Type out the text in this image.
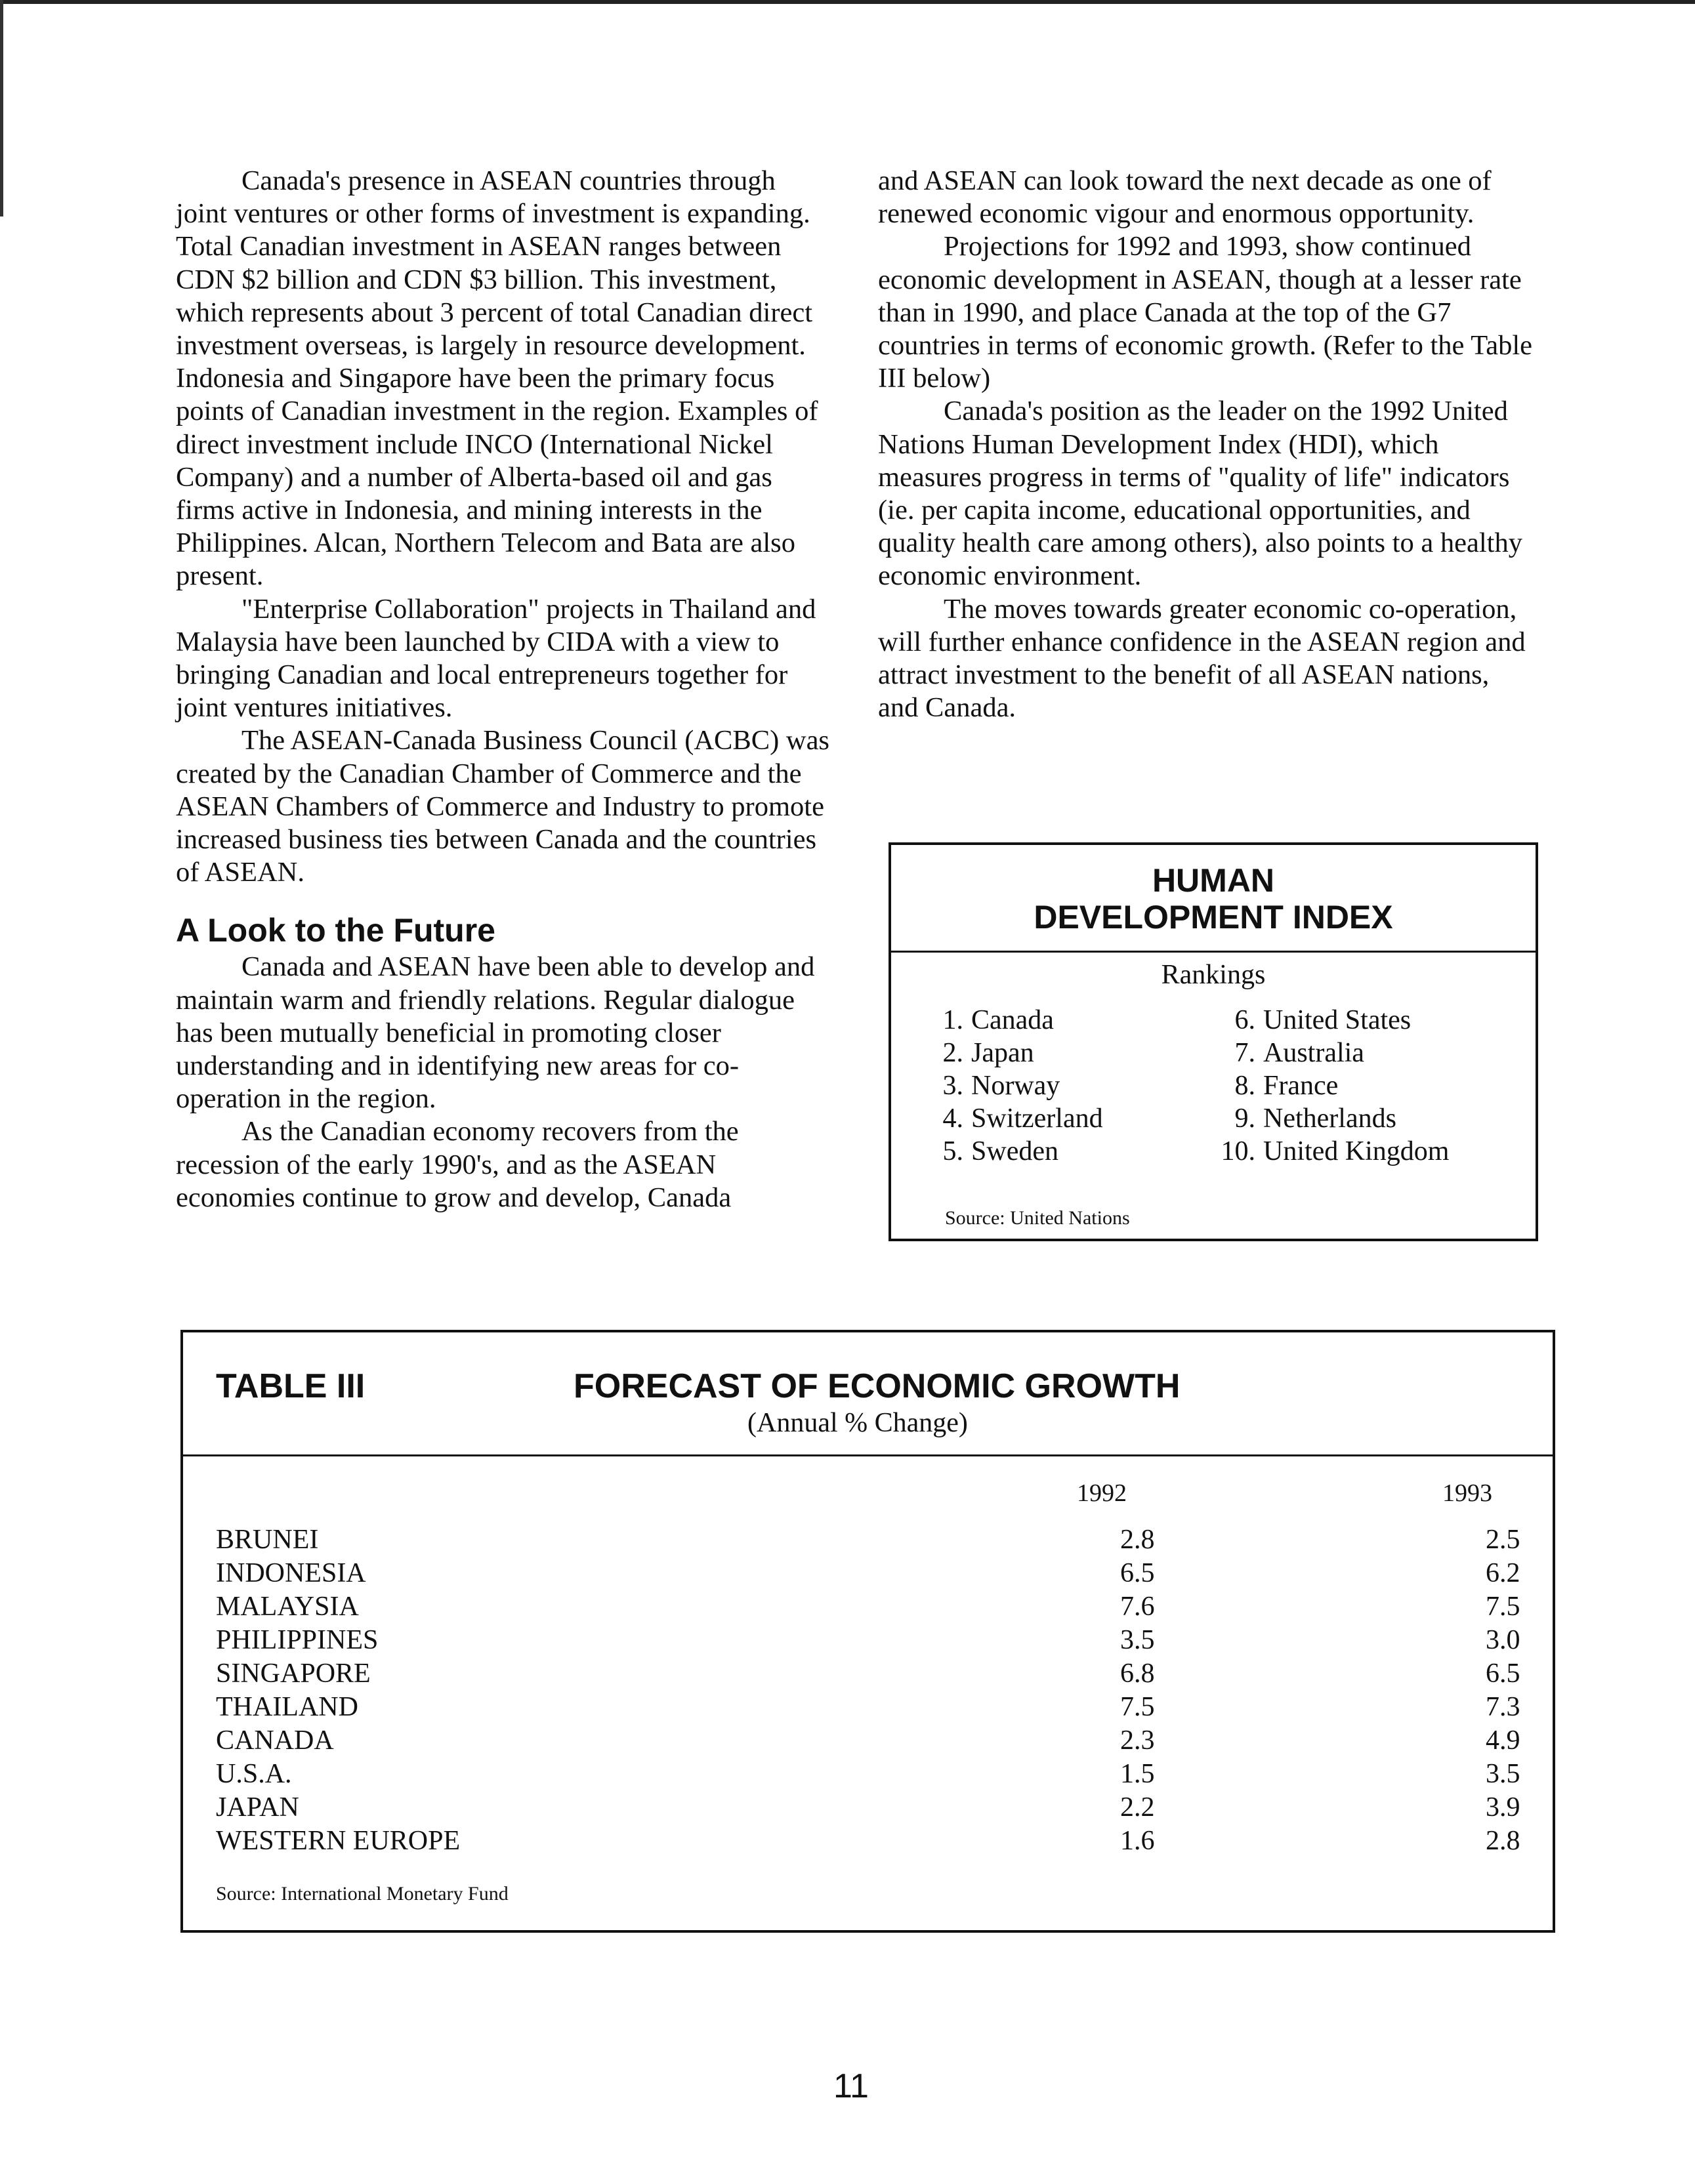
Canada's presence in ASEAN countries through joint ventures or other forms of investment is expanding. Total Canadian investment in ASEAN ranges between CDN $2 billion and CDN $3 billion. This investment, which represents about 3 percent of total Canadian direct investment overseas, is largely in resource development. Indonesia and Singapore have been the primary focus points of Canadian investment in the region. Examples of direct investment include INCO (International Nickel Company) and a number of Alberta-based oil and gas firms active in Indonesia, and mining interests in the Philippines. Alcan, Northern Telecom and Bata are also present.

"Enterprise Collaboration" projects in Thailand and Malaysia have been launched by CIDA with a view to bringing Canadian and local entrepreneurs together for joint ventures initiatives.

The ASEAN-Canada Business Council (ACBC) was created by the Canadian Chamber of Commerce and the ASEAN Chambers of Commerce and Industry to promote increased business ties between Canada and the countries of ASEAN.

A Look to the Future

Canada and ASEAN have been able to develop and maintain warm and friendly relations. Regular dialogue has been mutually beneficial in promoting closer understanding and in identifying new areas for co-operation in the region.

As the Canadian economy recovers from the recession of the early 1990's, and as the ASEAN economies continue to grow and develop, Canada

and ASEAN can look toward the next decade as one of renewed economic vigour and enormous opportunity.

Projections for 1992 and 1993, show continued economic development in ASEAN, though at a lesser rate than in 1990, and place Canada at the top of the G7 countries in terms of economic growth. (Refer to the Table III below)

Canada's position as the leader on the 1992 United Nations Human Development Index (HDI), which measures progress in terms of "quality of life" indicators (ie. per capita income, educational opportunities, and quality health care among others), also points to a healthy economic environment.

The moves towards greater economic co-operation, will further enhance confidence in the ASEAN region and attract investment to the benefit of all ASEAN nations, and Canada.

HUMAN
DEVELOPMENT INDEX
Rankings
1. Canada
2. Japan
3. Norway
4. Switzerland
5. Sweden
6. United States
7. Australia
8. France
9. Netherlands
10. United Kingdom
Source: United Nations
TABLE III	FORECAST OF ECONOMIC GROWTH
(Annual % Change)
1992	1993
BRUNEI	2.8	2.5
INDONESIA	6.5	6.2
MALAYSIA	7.6	7.5
PHILIPPINES	3.5	3.0
SINGAPORE	6.8	6.5
THAILAND	7.5	7.3
CANADA	2.3	4.9
U.S.A.	1.5	3.5
JAPAN	2.2	3.9
WESTERN EUROPE	1.6	2.8
Source: International Monetary Fund
11
